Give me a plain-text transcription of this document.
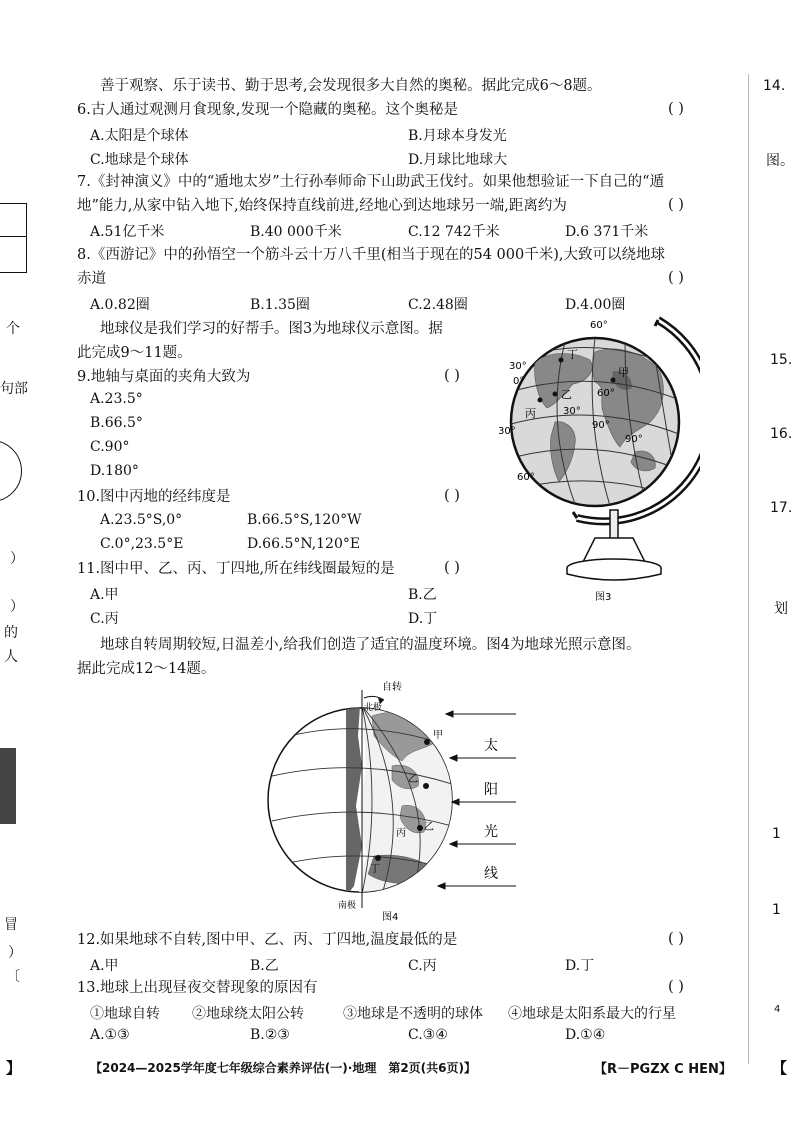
善于观察、乐于读书、勤于思考,会发现很多大自然的奥秘。据此完成6～8题。
6.古人通过观测月食现象,发现一个隐藏的奥秘。这个奥秘是	( )
A.太阳是个球体	B.月球本身发光
C.地球是个球体	D.月球比地球大
7.《封神演义》中的“遁地太岁”土行孙奉师命下山助武王伐纣。如果他想验证一下自己的“遁
地”能力,从家中钻入地下,始终保持直线前进,经地心到达地球另一端,距离约为	( )
A.51亿千米	B.40 000千米	C.12 742千米	D.6 371千米
8.《西游记》中的孙悟空一个筋斗云十万八千里(相当于现在的54 000千米),大致可以绕地球
赤道	( )
A.0.82圈	B.1.35圈	C.2.48圈	D.4.00圈
地球仪是我们学习的好帮手。图3为地球仪示意图。据
此完成9～11题。
9.地轴与桌面的夹角大致为	( )
A.23.5°
B.66.5°
C.90°
D.180°
10.图中丙地的经纬度是	( )
A.23.5°S,0°	B.66.5°S,120°W
C.0°,23.5°E	D.66.5°N,120°E
11.图中甲、乙、丙、丁四地,所在纬线圈最短的是	( )
A.甲	B.乙
C.丙	D.丁
60°
30°
0°
30°
60°
30°
60°
90°
90°
甲
乙
丙
丁
图3
地球自转周期较短,日温差小,给我们创造了适宜的温度环境。图4为地球光照示意图。
据此完成12～14题。
自转
北极
南极
甲
乙
丙
乙
丁
太
阳
光
线
图4
12.如果地球不自转,图中甲、乙、丙、丁四地,温度最低的是	( )
A.甲	B.乙	C.丙	D.丁
13.地球上出现昼夜交替现象的原因有	( )
①地球自转 ②地球绕太阳公转	③地球是不透明的球体 ④地球是太阳系最大的行星
A.①③	B.②③	C.③④	D.①④
】	【2024—2025学年度七年级综合素养评估(一)·地理　第2页(共6页)】	【R－PGZX C HEN】	【
个
句部
）
）
的
人
冒
）
〔
14.
图。
15.
16.
17.
划
1
1
4
